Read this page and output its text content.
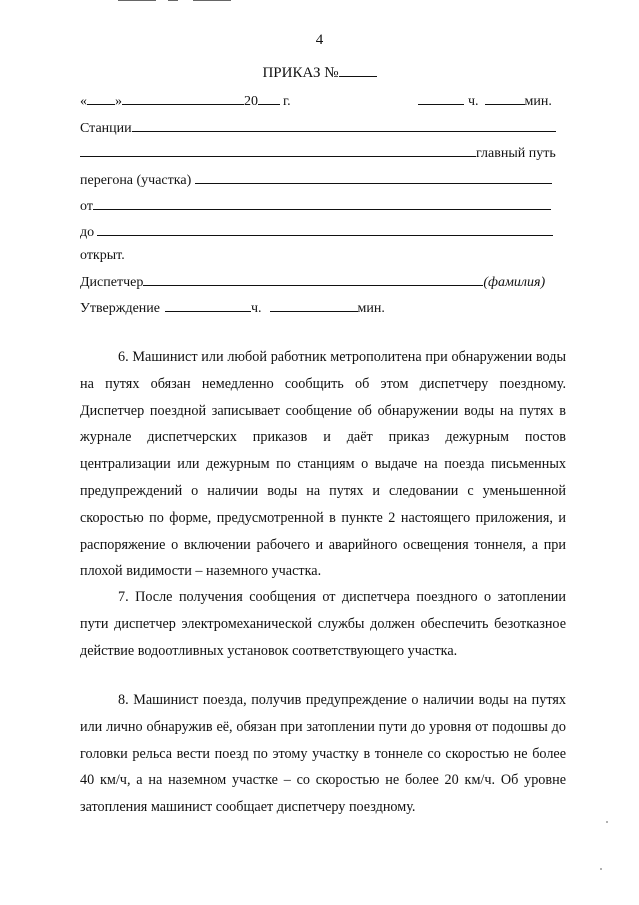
4
ПРИКАЗ №
« »	20 г.	ч.	мин.
Станции
главный путь
перегона (участка)
от
до
открыт.
Диспетчер	(фамилия)
Утверждение	ч.	мин.
6. Машинист или любой работник метрополитена при обнаружении воды на путях обязан немедленно сообщить об этом диспетчеру поездному. Диспетчер поездной записывает сообщение об обнаружении воды на путях в журнале диспетчерских приказов и даёт приказ дежурным постов централизации или дежурным по станциям о выдаче на поезда письменных предупреждений о наличии воды на путях и следовании с уменьшенной скоростью по форме, предусмотренной в пункте 2 настоящего приложения, и распоряжение о включении рабочего и аварийного освещения тоннеля, а при плохой видимости – наземного участка.
7. После получения сообщения от диспетчера поездного о затоплении пути диспетчер электромеханической службы должен обеспечить безотказное действие водоотливных установок соответствующего участка.
8. Машинист поезда, получив предупреждение о наличии воды на путях или лично обнаружив её, обязан при затоплении пути до уровня от подошвы до головки рельса вести поезд по этому участку в тоннеле со скоростью не более 40 км/ч, а на наземном участке – со скоростью не более 20 км/ч. Об уровне затопления машинист сообщает диспетчеру поездному.
